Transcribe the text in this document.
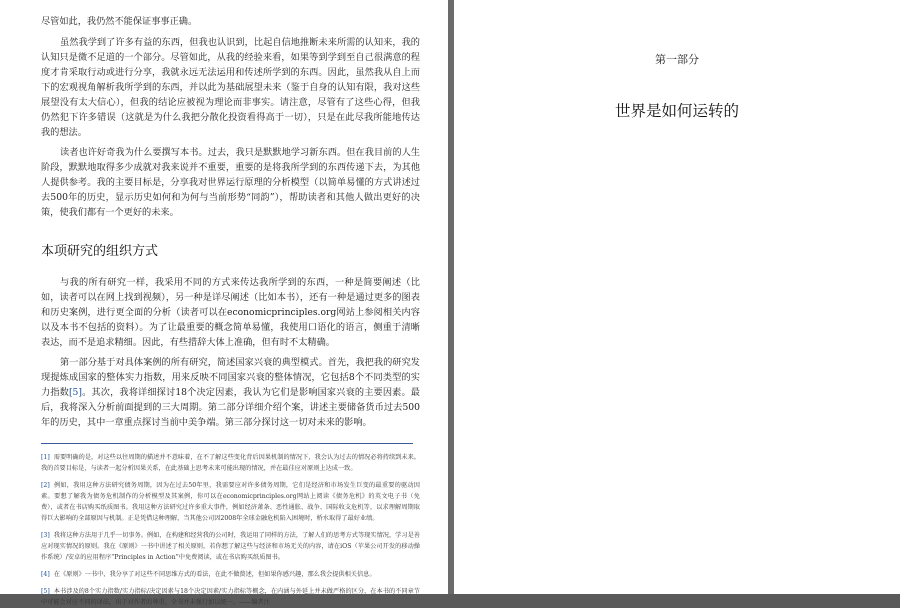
尽管如此，我仍然不能保证事事正确。

虽然我学到了许多有益的东西，但我也认识到，比起自信地推断未来所需的认知来，我的认知只是微不足道的一个部分。尽管如此，从我的经验来看，如果等到学到至自己很满意的程度才肯采取行动或进行分享，我就永远无法运用和传述所学到的东西。因此，虽然我从自上而下的宏观视角解析我所学到的东西，并以此为基础展望未来（鉴于自身的认知有限，我对这些展望没有太大信心），但我的结论应被视为理论而非事实。请注意，尽管有了这些心得，但我仍然犯下许多错误（这就是为什么我把分散化投资看得高于一切），只是在此尽我所能地传达我的想法。

读者也许好奇我为什么要撰写本书。过去，我只是默默地学习新东西。但在我目前的人生阶段，默默地取得多少成就对我来说并不重要，重要的是将我所学到的东西传递下去，为其他人提供参考。我的主要目标是，分享我对世界运行原理的分析模型（以简单易懂的方式讲述过去500年的历史，显示历史如何和为何与当前形势“同韵”），帮助读者和其他人做出更好的决策，使我们都有一个更好的未来。

本项研究的组织方式

与我的所有研究一样，我采用不同的方式来传达我所学到的东西，一种是简要阐述（比如，读者可以在网上找到视频），另一种是详尽阐述（比如本书），还有一种是通过更多的图表和历史案例，进行更全面的分析（读者可以在economicprinciples.org网站上参阅相关内容以及本书不包括的资料）。为了让最重要的概念简单易懂，我使用口语化的语言，侧重于清晰表达，而不是追求精细。因此，有些措辞大体上准确，但有时不太精确。

第一部分基于对具体案例的所有研究，简述国家兴衰的典型模式。首先，我把我的研究发现提炼成国家的整体实力指数，用来反映不同国家兴衰的整体情况，它包括8个不同类型的实力指数[5]。其次，我将详细探讨18个决定因素，我认为它们是影响国家兴衰的主要因素。最后，我将深入分析前面提到的三大周期。第二部分详细介绍个案，讲述主要储备货币过去500年的历史，其中一章重点探讨当前中美争端。第三部分探讨这一切对未来的影响。

[1] 需要明确的是，对这些以往周期的描述并不意味着，在不了解这些变化背后因果机制的情况下，我会认为过去的情况必将持续到未来。我的首要目标是，与读者一起分析因果关系，在此基础上思考未来可能出现的情况，并在最佳应对原则上达成一致。

[2] 例如，我用这种方法研究债务周期，因为在过去50年里，我需要应对许多债务周期，它们是经济和市场发生巨变的最重要的驱动因素。要想了解我为债务危机制作的分析模型及其案例，你可以在economicprinciples.org网站上阅读《债务危机》的英文电子书（免费），或者在书店购买纸质图书。我用这种方法研究过许多重大事件，例如经济萧条、恶性通胀、战争、国际收支危机等，以求理解周期取得巨大影响的全部原因与机制。正是凭借这种理解，当其他公司因2008年全球金融危机陷入困境时，桥水取得了最好业绩。

[3] 我将这种方法用于几乎一切事务。例如，在构建和经营我的公司时，我运用了同样的方法，了解人们的思考方式等现实情况，学习是善应对现实情况的原则。我在《原则》一书中讲述了相关原则，若你想了解这些与经济和市场无关的内容，请在iOS（苹果公司开发的移动操作系统）/安卓的应用程序“Principles in Action”中免费阅读，或在书店购买纸质图书。

[4] 在《原则》一书中，我分享了对这些不同思维方式的看法，在此不做赘述，但如果你感兴趣，那么我会提供相关信息。

[5] 本书涉及的8个实力指数/实力指标/决定因素与18个决定因素/实力指标等概念，在内涵与外延上并未做严格的区分，在本书的不同章节中可能会对应不同的译法。出于对作者的尊重，全书并未强行加以统一。——编者注

第一部分
世界是如何运转的
